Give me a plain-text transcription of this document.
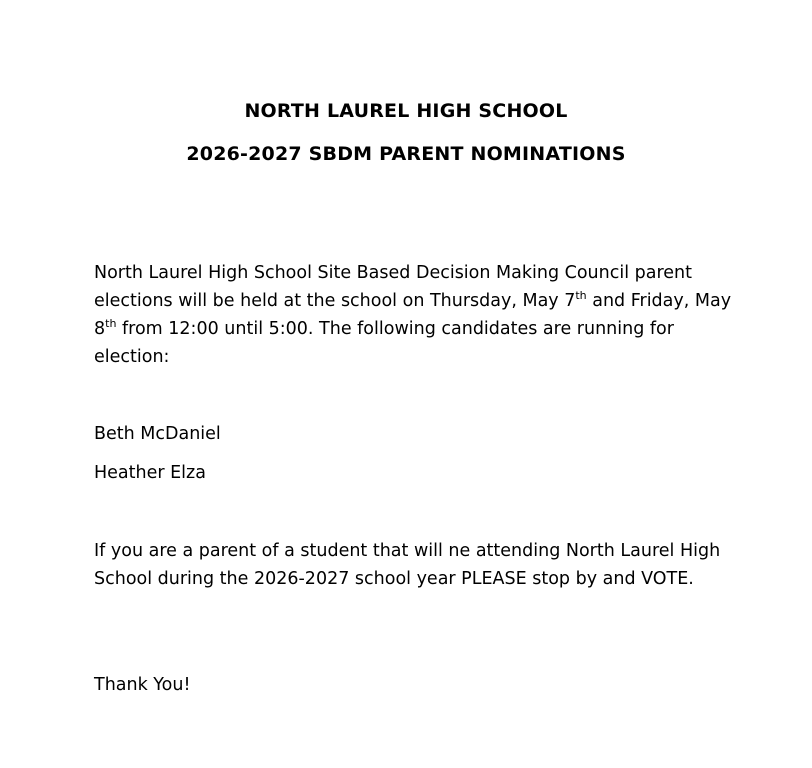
NORTH LAUREL HIGH SCHOOL
2026-2027 SBDM PARENT NOMINATIONS
North Laurel High School Site Based Decision Making Council parent elections will be held at the school on Thursday, May 7th and Friday, May 8th from 12:00 until 5:00. The following candidates are running for election:
Beth McDaniel
Heather Elza
If you are a parent of a student that will ne attending North Laurel High School during the 2026-2027 school year PLEASE stop by and VOTE.
Thank You!
